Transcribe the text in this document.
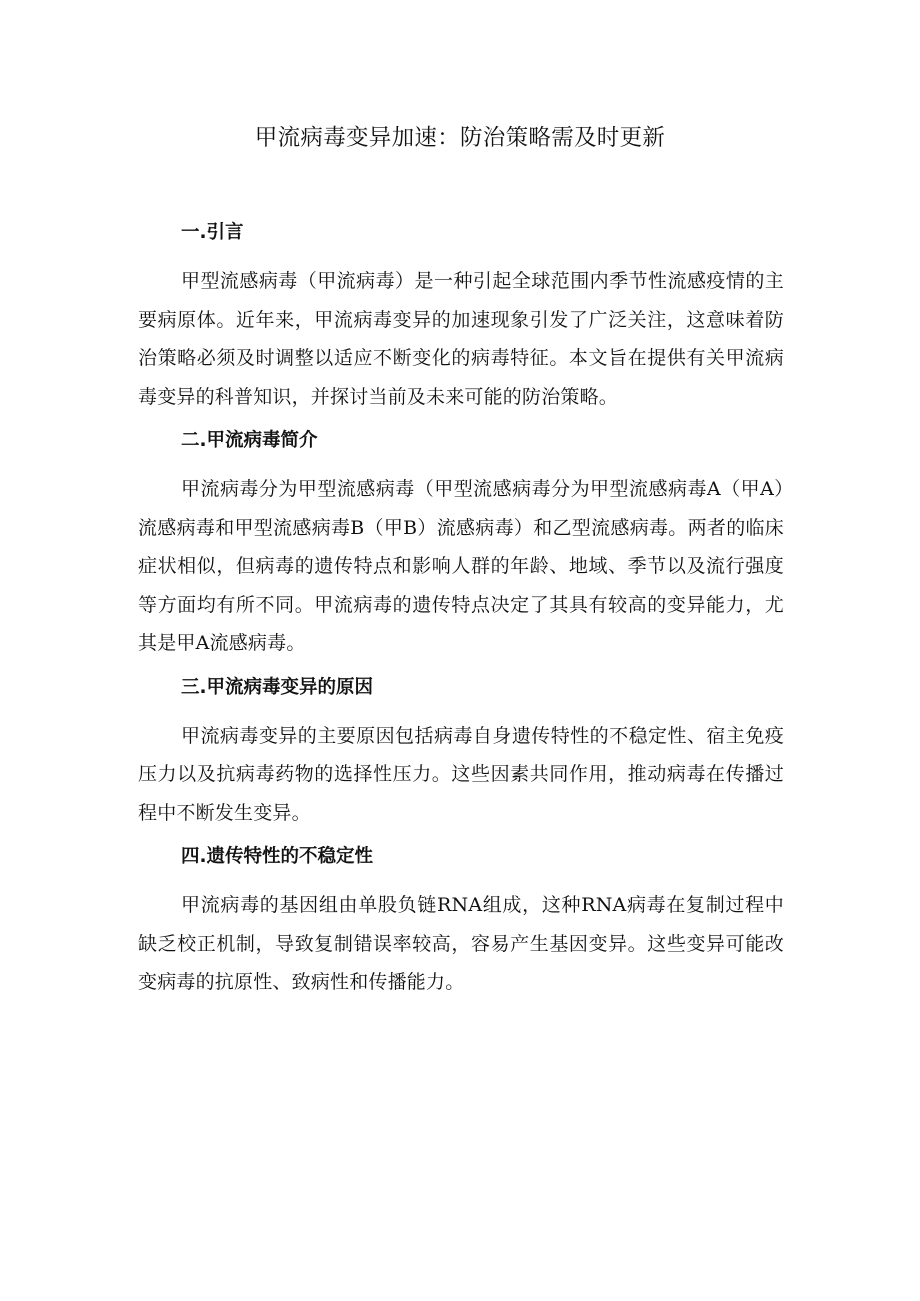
甲流病毒变异加速：防治策略需及时更新
一.引言

甲型流感病毒（甲流病毒）是一种引起全球范围内季节性流感疫情的主要病原体。近年来，甲流病毒变异的加速现象引发了广泛关注，这意味着防治策略必须及时调整以适应不断变化的病毒特征。本文旨在提供有关甲流病毒变异的科普知识，并探讨当前及未来可能的防治策略。

二.甲流病毒简介

甲流病毒分为甲型流感病毒（甲型流感病毒分为甲型流感病毒A（甲A）流感病毒和甲型流感病毒B（甲B）流感病毒）和乙型流感病毒。两者的临床症状相似，但病毒的遗传特点和影响人群的年龄、地域、季节以及流行强度等方面均有所不同。甲流病毒的遗传特点决定了其具有较高的变异能力，尤其是甲A流感病毒。

三.甲流病毒变异的原因

甲流病毒变异的主要原因包括病毒自身遗传特性的不稳定性、宿主免疫压力以及抗病毒药物的选择性压力。这些因素共同作用，推动病毒在传播过程中不断发生变异。

四.遗传特性的不稳定性

甲流病毒的基因组由单股负链RNA组成，这种RNA病毒在复制过程中缺乏校正机制，导致复制错误率较高，容易产生基因变异。这些变异可能改变病毒的抗原性、致病性和传播能力。
